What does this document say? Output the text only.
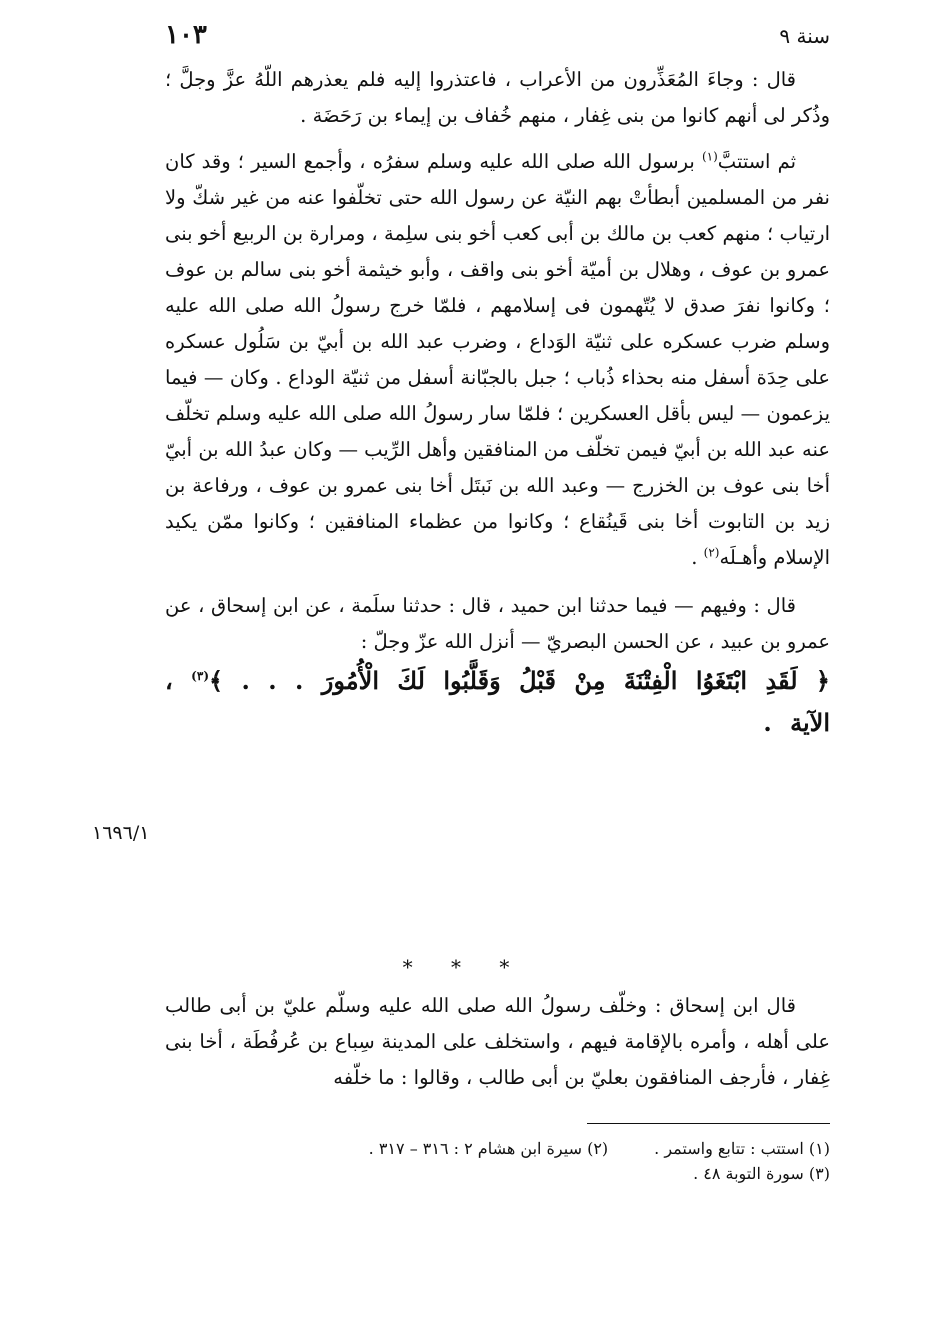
١٠٣	سنة ٩

قال : وجاءَ المُعَذِّرون من الأعراب ، فاعتذروا إليه فلم يعذرهم اللّهُ عزَّ وجلَّ ؛ وذُكر لى أنهم كانوا من بنى غِفار ، منهم خُفاف بن إيماء بن رَحَضَة .

ثم استتبَّ$^{(١)}$ برسول الله صلى الله عليه وسلم سفرُه ، وأجمع السير ؛ وقد كان نفر من المسلمين أبطأتْ بهم النيّة عن رسول الله حتى تخلّفوا عنه من غير شكّ ولا ارتياب ؛ منهم كعب بن مالك بن أبى كعب أخو بنى سلِمة ، ومرارة بن الربيع أخو بنى عمرو بن عوف ، وهلال بن أميّة أخو بنى واقف ، وأبو خيثمة أخو بنى سالم بن عوف ؛ وكانوا نفرَ صدق لا يُتّهمون فى إسلامهم ، فلمّا خرج رسولُ الله صلى الله عليه وسلم ضرب عسكره على ثنيّة الوَداع ، وضرب عبد الله بن أبيّ بن سَلُول عسكره على حِدَة أسفل منه بحذاء ذُباب ؛ جبل بالجبّانة أسفل من ثنيّة الوداع . وكان — فيما يزعمون — ليس بأقل العسكرين ؛ فلمّا سار رسولُ الله صلى الله عليه وسلم تخلّف عنه عبد الله بن أبيّ فيمن تخلّف من المنافقين وأهل الرِّيب — وكان عبدُ الله بن أبيّ أخا بنى عوف بن الخزرج — وعبد الله بن نَبتَل أخا بنى عمرو بن عوف ، ورفاعة بن زيد بن التابوت أخا بنى قَينُقاع ؛ وكانوا من عظماء المنافقين ؛ وكانوا ممّن يكيد الإسلام وأهـلَه$^{(٢)}$ .

قال : وفيهم — فيما حدثنا ابن حميد ، قال : حدثنا سلَمة ، عن ابن إسحاق ، عن عمرو بن عبيد ، عن الحسن البصريّ — أنزل الله عزّ وجلّ :

﴿ لَقَدِ ابْتَغَوُا الْفِتْنَةَ مِنْ قَبْلُ وَقَلَّبُوا لَكَ الْأُمُورَ . . . ﴾$^{(٣)}$ ، الآية .

١٦٩٦/١
* * *

قال ابن إسحاق : وخلّف رسولُ الله صلى الله عليه وسلّم عليّ بن أبى طالب على أهله ، وأمره بالإقامة فيهم ، واستخلف على المدينة سِباع بن عُرفُطَة ، أخا بنى غِفار ، فأرجف المنافقون بعليّ بن أبى طالب ، وقالوا : ما خلّفه

(١) استتب : تتابع واستمر .
(٢) سيرة ابن هشام ٢ : ٣١٦ – ٣١٧ .
(٣) سورة التوبة ٤٨ .
